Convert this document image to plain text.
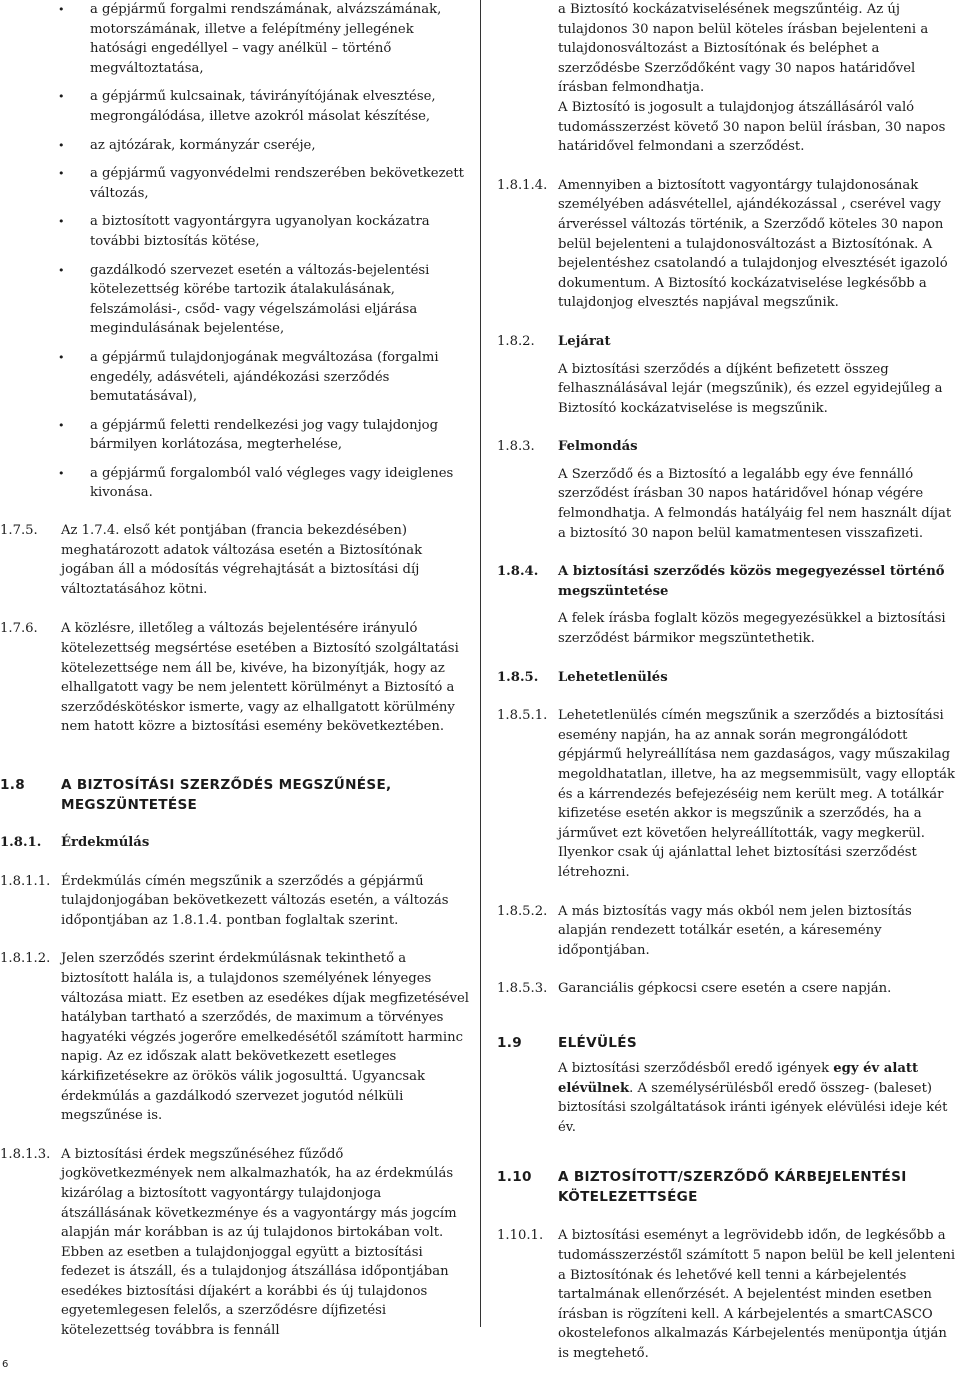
• a gépjármű forgalmi rendszámának, alvázszámának, motorszámának, illetve a felépítmény jellegének hatósági engedéllyel – vagy anélkül – történő megváltoztatása,
• a gépjármű kulcsainak, távirányítójának elvesztése, megrongálódása, illetve azokról másolat készítése,
• az ajtózárak, kormányzár cseréje,
• a gépjármű vagyonvédelmi rendszerében bekövetkezett változás,
• a biztosított vagyontárgyra ugyanolyan kockázatra további biztosítás kötése,
• gazdálkodó szervezet esetén a változás-bejelentési kötelezettség körébe tartozik átalakulásának, felszámolási-, csőd- vagy végelszámolási eljárása megindulásának bejelentése,
• a gépjármű tulajdonjogának megváltozása (forgalmi engedély, adásvételi, ajándékozási szerződés bemutatásával),
• a gépjármű feletti rendelkezési jog vagy tulajdonjog bármilyen korlátozása, megterhelése,
• a gépjármű forgalomból való végleges vagy ideiglenes kivonása.
1.7.5.	Az 1.7.4. első két pontjában (francia bekezdésében) meghatározott adatok változása esetén a Biztosítónak jogában áll a módosítás végrehajtását a biztosítási díj változtatásához kötni.

1.7.6.	A közlésre, illetőleg a változás bejelentésére irányuló kötelezettség megsértése esetében a Biztosító szolgáltatási kötelezettsége nem áll be, kivéve, ha bizonyítják, hogy az elhallgatott vagy be nem jelentett körülményt a Biztosító a szerződéskötéskor ismerte, vagy az elhallgatott körülmény nem hatott közre a biztosítási esemény bekövetkeztében.

1.8	A BIZTOSÍTÁSI SZERZŐDÉS MEGSZŰNÉSE, MEGSZÜNTETÉSE

1.8.1.	Érdekmúlás

1.8.1.1. Érdekmúlás címén megszűnik a szerződés a gépjármű tulajdonjogában bekövetkezett változás esetén, a változás időpontjában az 1.8.1.4. pontban foglaltak szerint.

1.8.1.2. Jelen szerződés szerint érdekmúlásnak tekinthető a biztosított halála is, a tulajdonos személyének lényeges változása miatt. Ez esetben az esedékes díjak megfizetésével hatályban tartható a szerződés, de maximum a törvényes hagyatéki végzés jogerőre emelkedésétől számított harminc napig. Az ez időszak alatt bekövetkezett esetleges kárkifizetésekre az örökös válik jogosulttá. Ugyancsak érdekmúlás a gazdálkodó szervezet jogutód nélküli megszűnése is.

1.8.1.3. A biztosítási érdek megszűnéséhez fűződő jogkövetkezmények nem alkalmazhatók, ha az érdekmúlás kizárólag a biztosított vagyontárgy tulajdonjoga átszállásának következménye és a vagyontárgy más jogcím alapján már korábban is az új tulajdonos birtokában volt. Ebben az esetben a tulajdonjoggal együtt a biztosítási fedezet is átszáll, és a tulajdonjog átszállása időpontjában esedékes biztosítási díjakért a korábbi és új tulajdonos egyetemlegesen felelős, a szerződésre díjfizetési kötelezettség továbbra is fennáll

a Biztosító kockázatviselésének megszűntéig. Az új tulajdonos 30 napon belül köteles írásban bejelenteni a tulajdonosváltozást a Biztosítónak és beléphet a szerződésbe Szerződőként vagy 30 napos határidővel írásban felmondhatja.

A Biztosító is jogosult a tulajdonjog átszállásáról való tudomásszerzést követő 30 napon belül írásban, 30 napos határidővel felmondani a szerződést.

1.8.1.4. Amennyiben a biztosított vagyontárgy tulajdonosának személyében adásvétellel, ajándékozással , cserével vagy árveréssel változás történik, a Szerződő köteles 30 napon belül bejelenteni a tulajdonosváltozást a Biztosítónak. A bejelentéshez csatolandó a tulajdonjog elvesztését igazoló dokumentum. A Biztosító kockázatviselése legkésőbb a tulajdonjog elvesztés napjával megszűnik.

1.8.2.	Lejárat

A biztosítási szerződés a díjként befizetett összeg felhasználásával lejár (megszűnik), és ezzel egyidejűleg a Biztosító kockázatviselése is megszűnik.

1.8.3.	Felmondás

A Szerződő és a Biztosító a legalább egy éve fennálló szerződést írásban 30 napos határidővel hónap végére felmondhatja. A felmondás hatályáig fel nem használt díjat a biztosító 30 napon belül kamatmentesen visszafizeti.

1.8.4.	A biztosítási szerződés közös megegyezéssel történő megszüntetése

A felek írásba foglalt közös megegyezésükkel a biztosítási szerződést bármikor megszüntethetik.

1.8.5.	Lehetetlenülés

1.8.5.1. Lehetetlenülés címén megszűnik a szerződés a biztosítási esemény napján, ha az annak során megrongálódott gépjármű helyreállítása nem gazdaságos, vagy műszakilag megoldhatatlan, illetve, ha az megsemmisült, vagy ellopták és a kárrendezés befejezéséig nem került meg. A totálkár kifizetése esetén akkor is megszűnik a szerződés, ha a járművet ezt követően helyreállították, vagy megkerül. Ilyenkor csak új ajánlattal lehet biztosítási szerződést létrehozni.

1.8.5.2. A más biztosítás vagy más okból nem jelen biztosítás alapján rendezett totálkár esetén, a káresemény időpontjában.

1.8.5.3. Garanciális gépkocsi csere esetén a csere napján.

1.9	ELÉVÜLÉS

A biztosítási szerződésből eredő igények egy év alatt elévülnek. A személysérülésből eredő összeg- (baleset) biztosítási szolgáltatások iránti igények elévülési ideje két év.

1.10	A BIZTOSÍTOTT/SZERZŐDŐ KÁRBEJELENTÉSI KÖTELEZETTSÉGE

1.10.1.	A biztosítási eseményt a legrövidebb időn, de legkésőbb a tudomásszerzéstől számított 5 napon belül be kell jelenteni a Biztosítónak és lehetővé kell tenni a kárbejelentés tartalmának ellenőrzését. A bejelentést minden esetben írásban is rögzíteni kell. A kárbejelentés a smartCASCO okostelefonos alkalmazás Kárbejelentés menüpontja útján is megtehető.

6
